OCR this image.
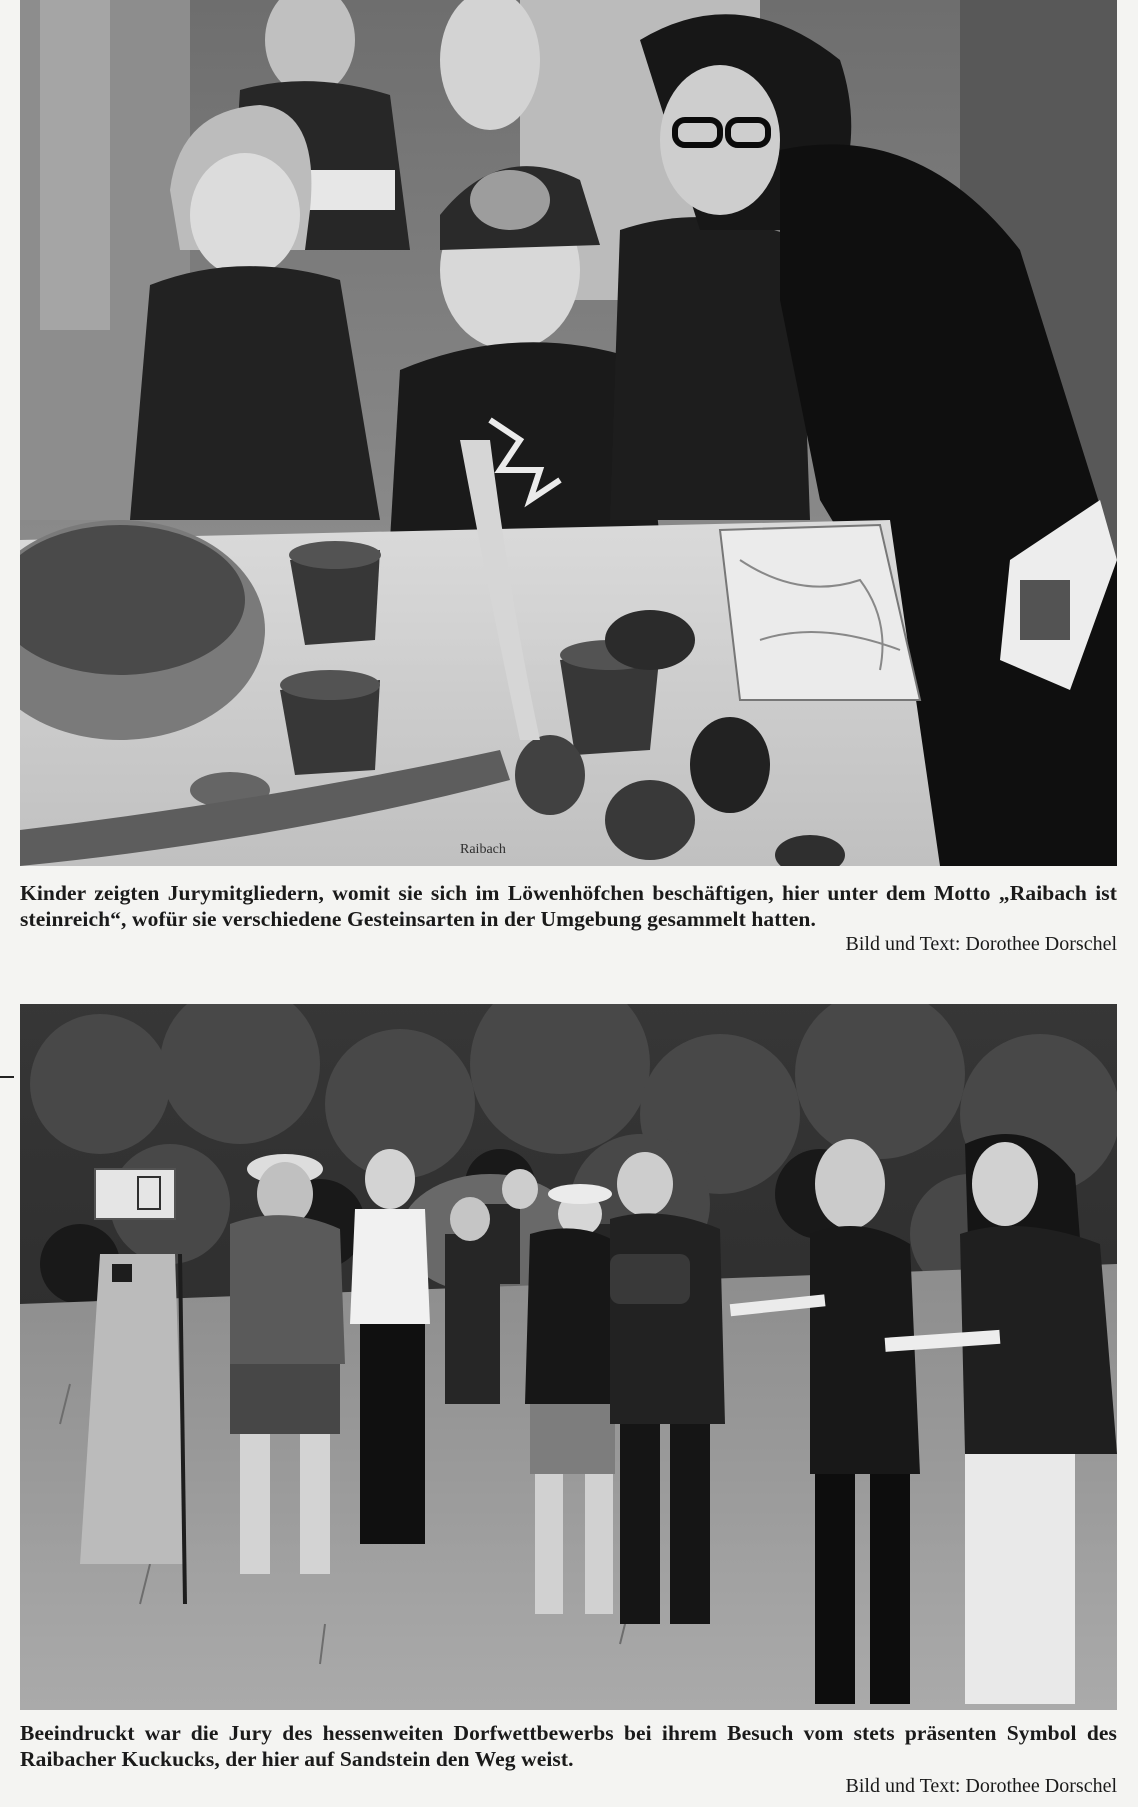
Raibach
Kinder zeigten Jurymitgliedern, womit sie sich im Löwenhöfchen beschäftigen, hier unter dem Motto „Raibach ist steinreich“, wofür sie verschiedene Gesteinsarten in der Umgebung gesammelt hatten.
Bild und Text: Dorothee Dorschel
Beeindruckt war die Jury des hessenweiten Dorfwettbewerbs bei ihrem Besuch vom stets präsenten Symbol des Raibacher Kuckucks, der hier auf Sandstein den Weg weist.
Bild und Text: Dorothee Dorschel
